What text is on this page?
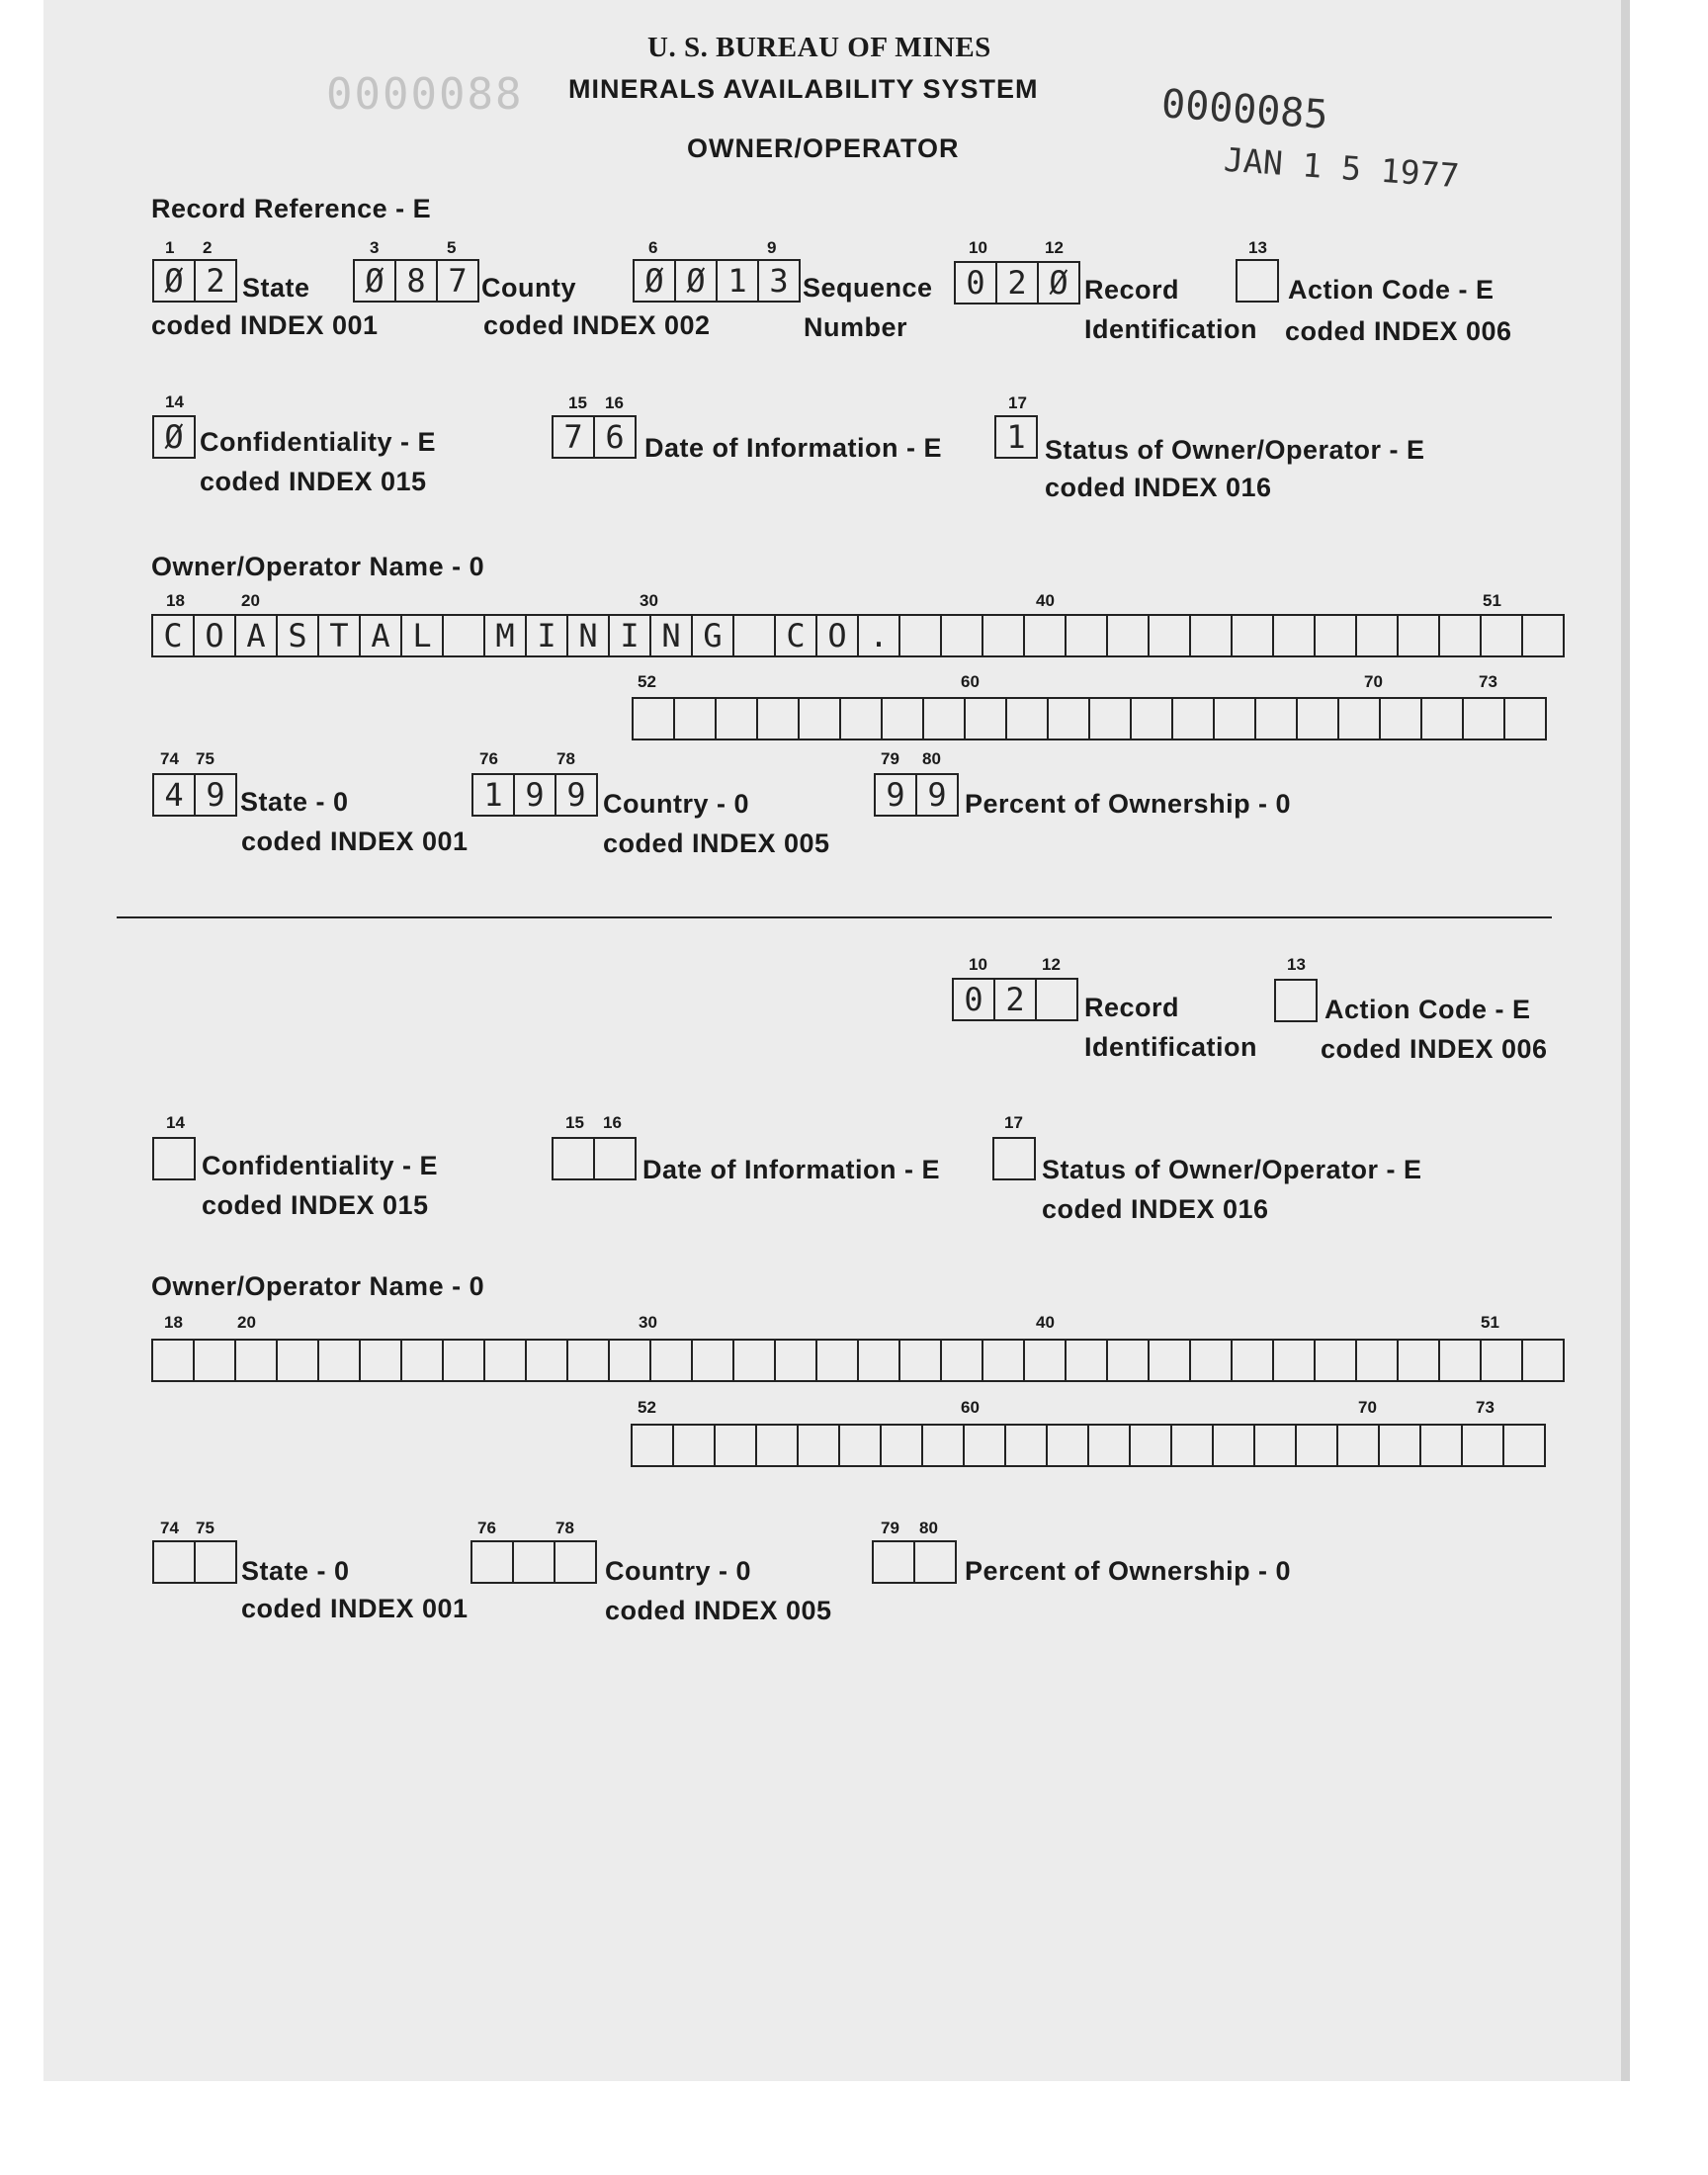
U. S. BUREAU OF MINES
MINERALS AVAILABILITY SYSTEM
OWNER/OPERATOR
0000088	0000085
JAN 1 5 1977
Record Reference - E
1 2
Ø 2 State
coded INDEX 001
3	5
Ø 8 7 County
coded INDEX 002
6	9
Ø Ø 1 3 Sequence
Number
10	12
0 2 Ø Record
Identification
13
Action Code - E
coded INDEX 006
14
Ø Confidentiality - E
coded INDEX 015
15 16
7 6 Date of Information - E
17
1 Status of Owner/Operator - E
coded INDEX 016
Owner/Operator Name - 0
18	20	30	40	51
C O A S T A L	M I N I N G	C O .
52	60	70	73
74 75
4 9 State - 0
coded INDEX 001
76	78
1 9 9 Country - 0
coded INDEX 005
79 80
9 9 Percent of Ownership - 0
10	12
0 2	Record
Identification
13
Action Code - E
coded INDEX 006
14
Confidentiality - E
coded INDEX 015
15 16
Date of Information - E
17
Status of Owner/Operator - E
coded INDEX 016
Owner/Operator Name - 0
18	20	30	40	51
52	60	70	73
74 75
State - 0
coded INDEX 001
76	78
Country - 0
coded INDEX 005
79 80
Percent of Ownership - 0
